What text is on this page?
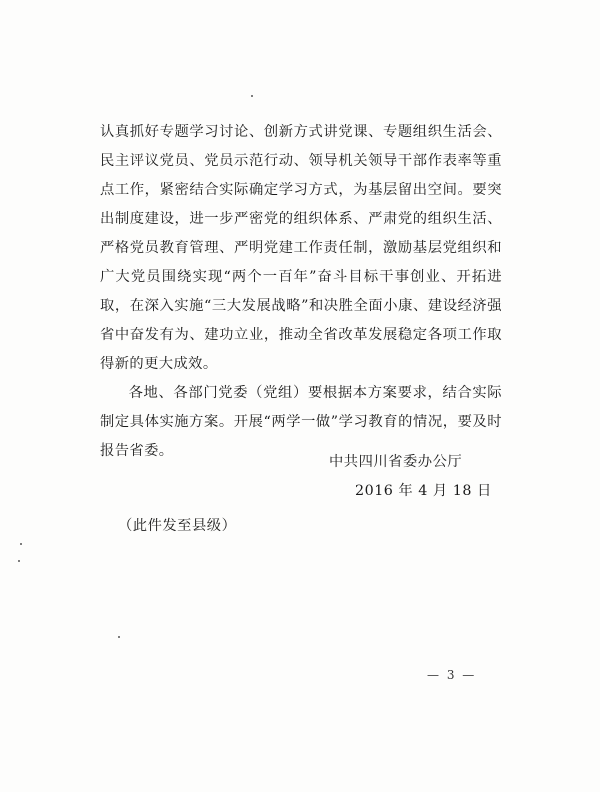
认真抓好专题学习讨论、创新方式讲党课、专题组织生活会、民主评议党员、党员示范行动、领导机关领导干部作表率等重点工作，紧密结合实际确定学习方式，为基层留出空间。要突出制度建设，进一步严密党的组织体系、严肃党的组织生活、严格党员教育管理、严明党建工作责任制，激励基层党组织和广大党员围绕实现“两个一百年”奋斗目标干事创业、开拓进取，在深入实施“三大发展战略”和决胜全面小康、建设经济强省中奋发有为、建功立业，推动全省改革发展稳定各项工作取得新的更大成效。

各地、各部门党委（党组）要根据本方案要求，结合实际制定具体实施方案。开展“两学一做”学习教育的情况，要及时报告省委。

中共四川省委办公厅
2016 年 4 月 18 日
（此件发至县级）
— 3 —
